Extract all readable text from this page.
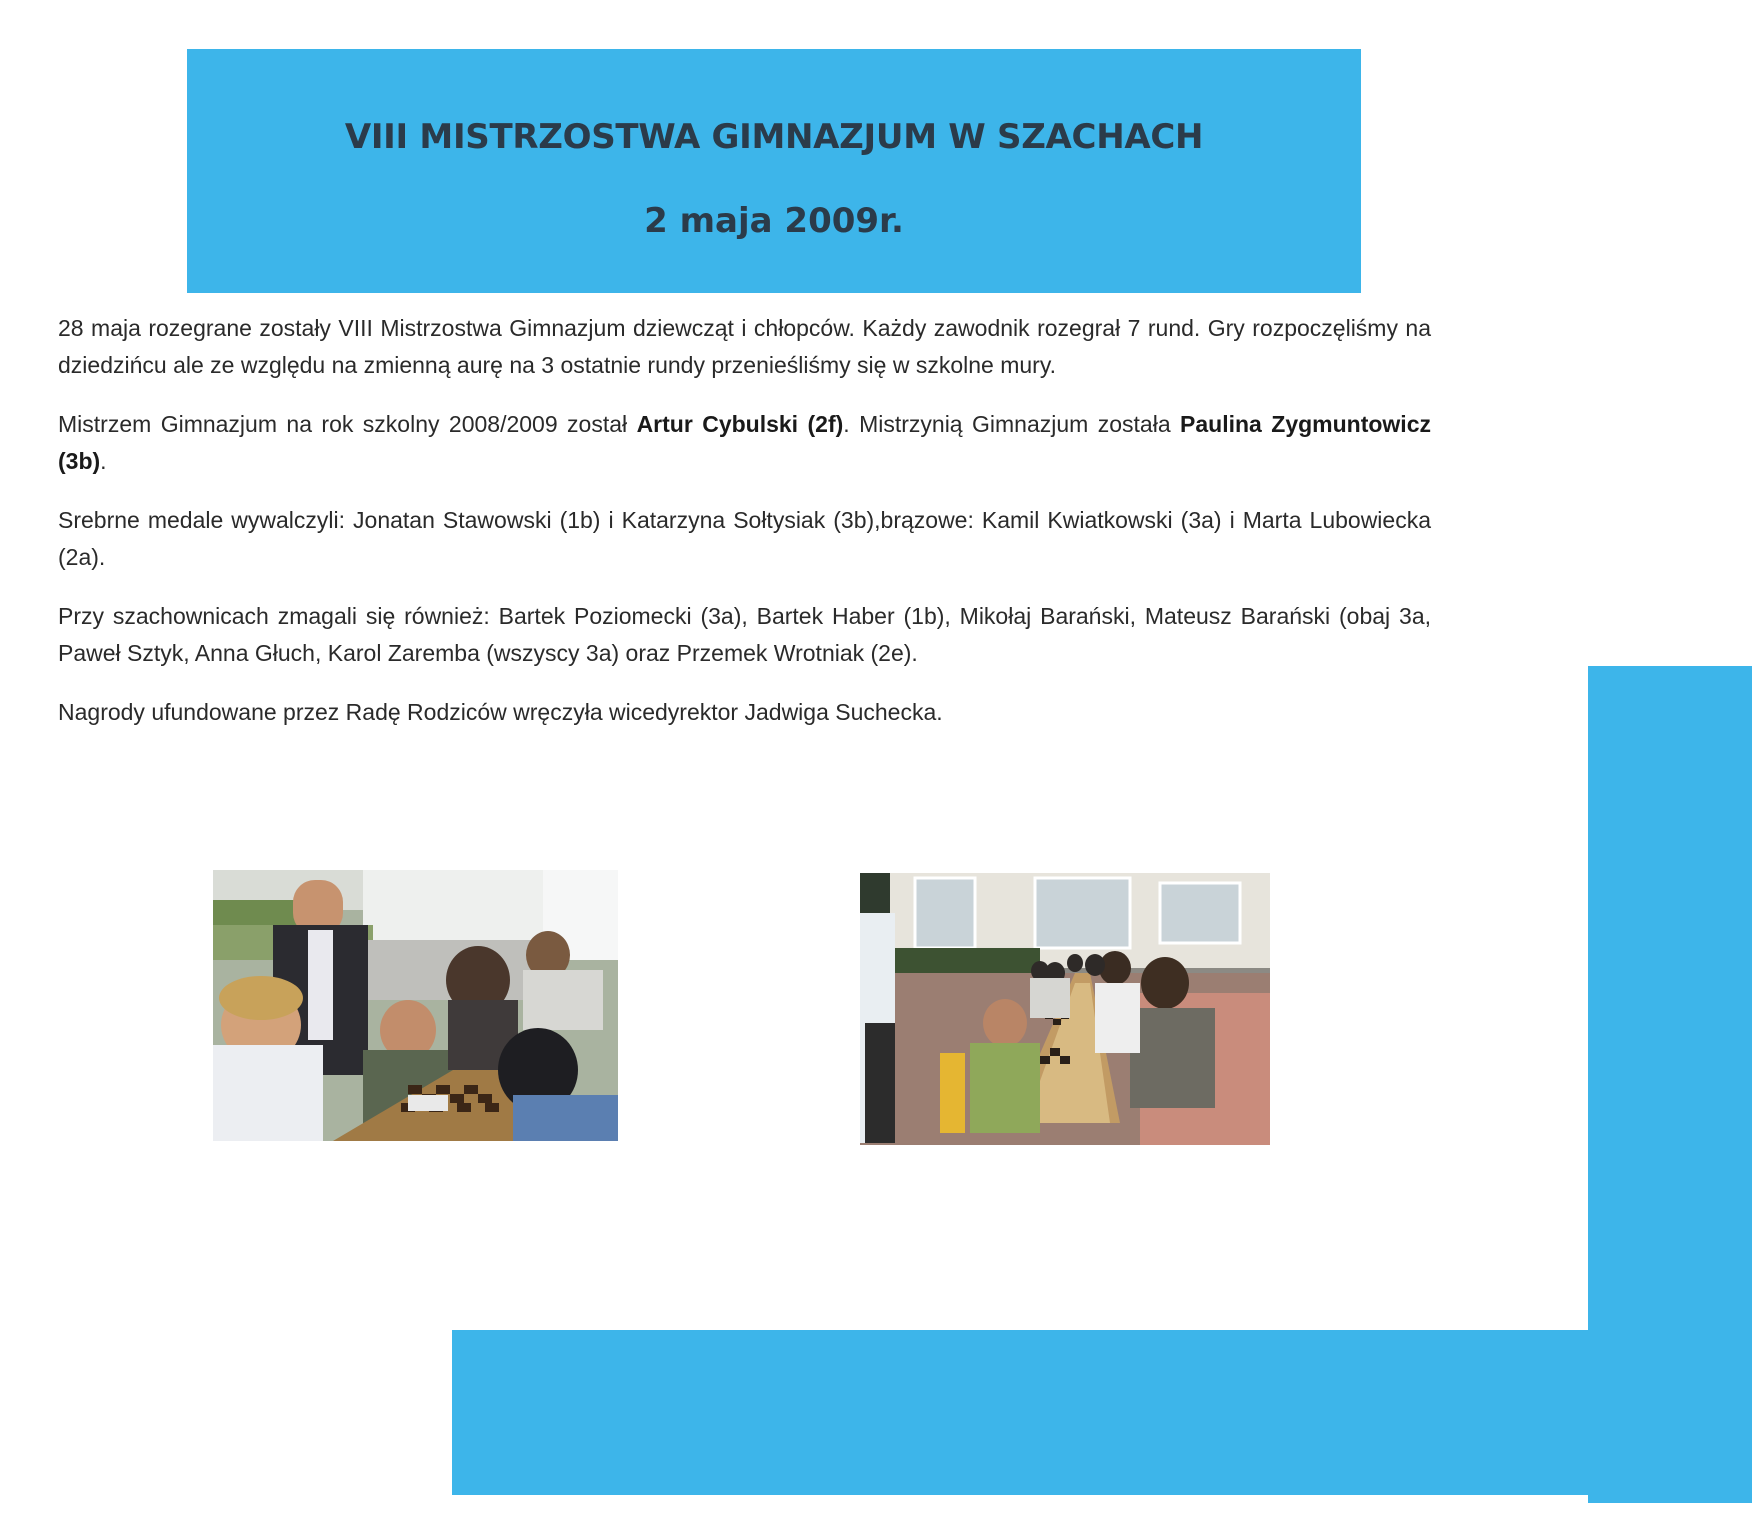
VIII MISTRZOSTWA GIMNAZJUM W SZACHACH
2 maja 2009r.

28 maja rozegrane zostały VIII Mistrzostwa Gimnazjum dziewcząt i chłopców. Każdy zawodnik rozegrał 7 rund. Gry rozpoczęliśmy na dziedzińcu ale ze względu na zmienną aurę na 3 ostatnie rundy przenieśliśmy się w szkolne mury.

Mistrzem Gimnazjum na rok szkolny 2008/2009 został Artur Cybulski (2f). Mistrzynią Gimnazjum została Paulina Zygmuntowicz (3b).

Srebrne medale wywalczyli: Jonatan Stawowski (1b) i Katarzyna Sołtysiak (3b),brązowe: Kamil Kwiatkowski (3a) i Marta Lubowiecka (2a).

Przy szachownicach zmagali się również: Bartek Poziomecki (3a), Bartek Haber (1b), Mikołaj Barański, Mateusz Barański (obaj 3a, Paweł Sztyk, Anna Głuch, Karol Zaremba (wszyscy 3a) oraz Przemek Wrotniak (2e).

Nagrody ufundowane przez Radę Rodziców wręczyła wicedyrektor Jadwiga Suchecka.
